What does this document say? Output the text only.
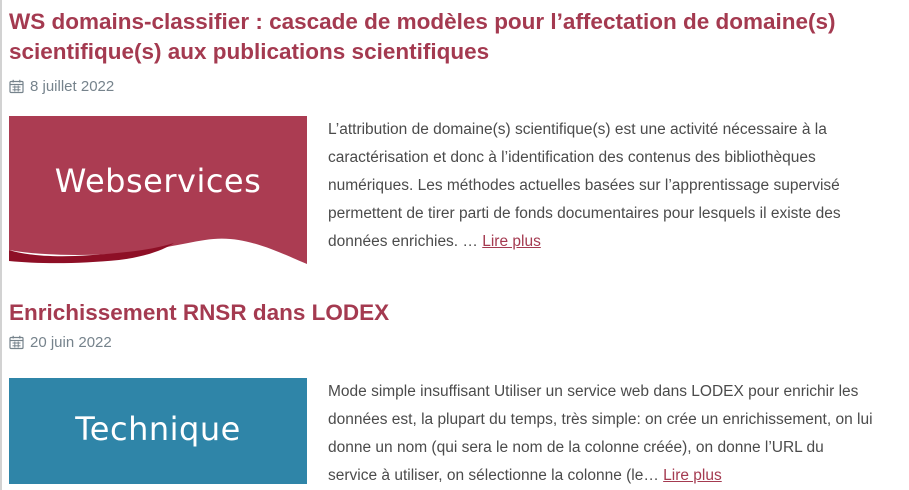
WS domains-classifier : cascade de modèles pour l’affectation de domaine(s) scientifique(s) aux publications scientifiques
8 juillet 2022
Webservices

L’attribution de domaine(s) scientifique(s) est une activité nécessaire à la caractérisation et donc à l’identification des contenus des bibliothèques numériques. Les méthodes actuelles basées sur l’apprentissage supervisé permettent de tirer parti de fonds documentaires pour lesquels il existe des données enrichies. … Lire plus

Enrichissement RNSR dans LODEX
20 juin 2022
Technique

Mode simple insuffisant Utiliser un service web dans LODEX pour enrichir les données est, la plupart du temps, très simple: on crée un enrichissement, on lui donne un nom (qui sera le nom de la colonne créée), on donne l’URL du service à utiliser, on sélectionne la colonne (le… Lire plus
